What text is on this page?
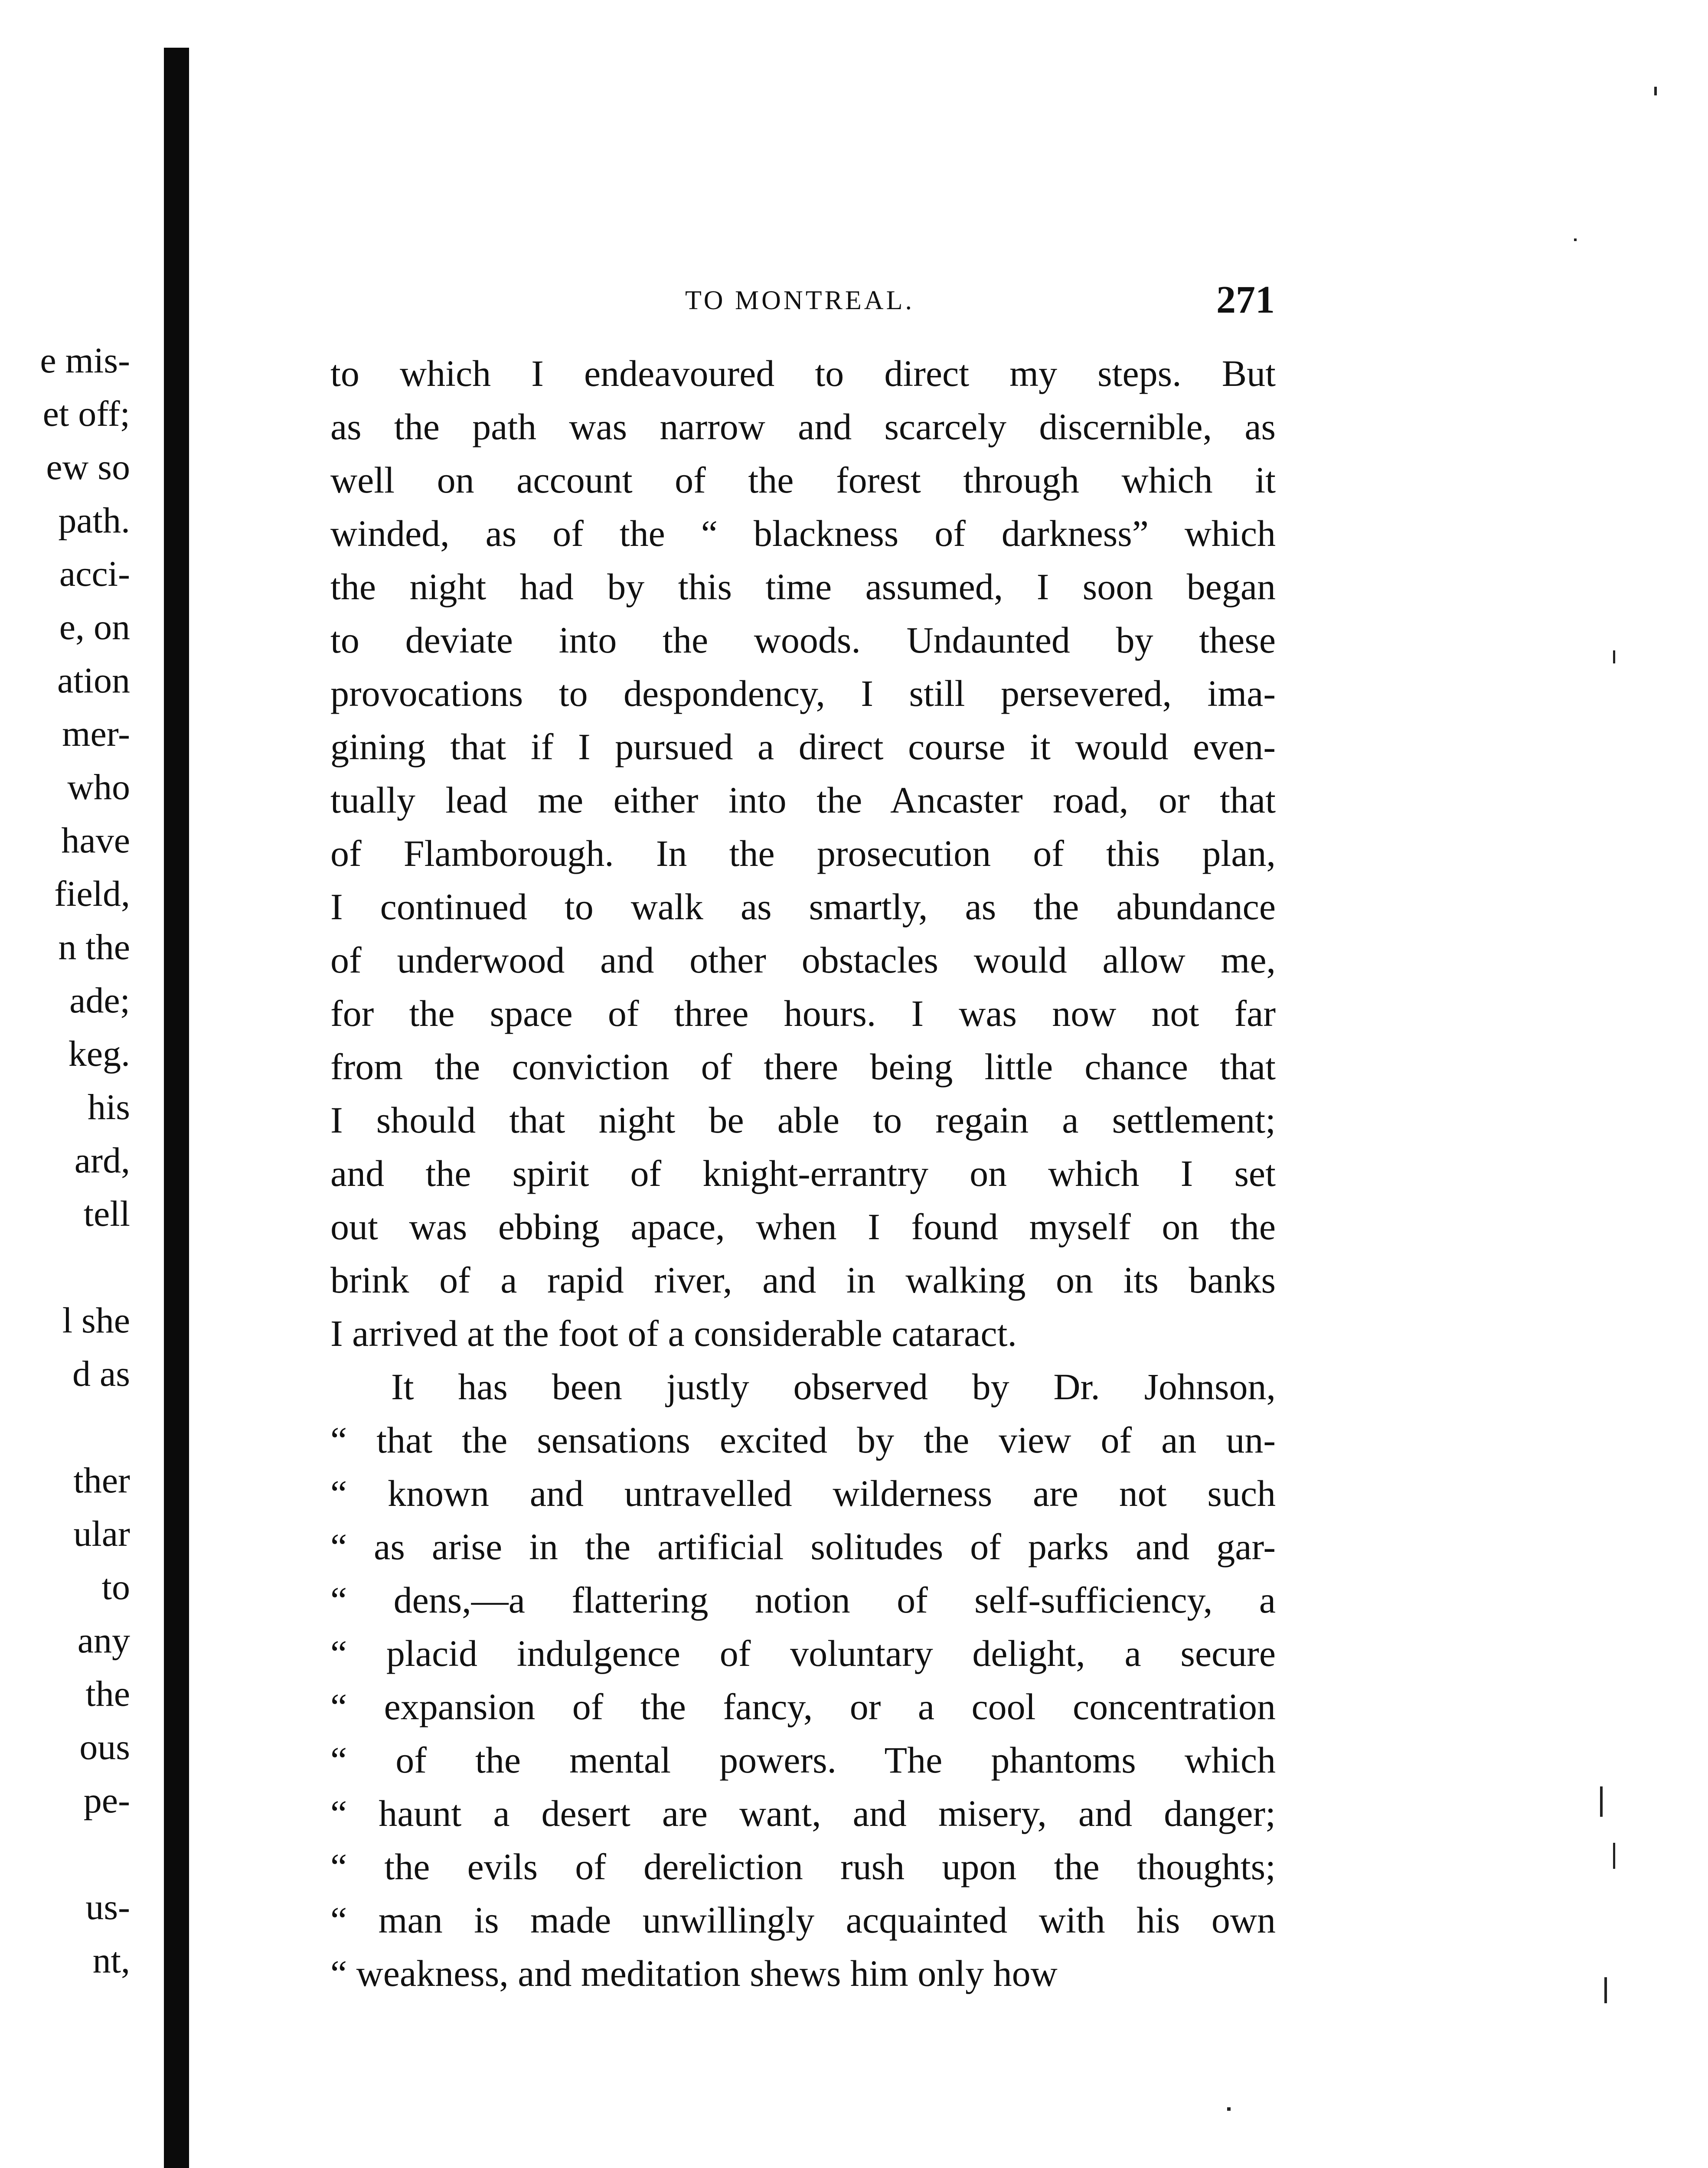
e mis-
et off;
ew so
path.
acci-
e, on
ation
mer-
who
have
field,
n the
ade;
keg.
his
ard,
tell
l she
d as
ther
ular
to
any
the
ous
pe-
us-
nt,
TO MONTREAL.	271
to which I endeavoured to direct my steps. But
as the path was narrow and scarcely discernible, as
well on account of the forest through which it
winded, as of the “ blackness of darkness” which
the night had by this time assumed, I soon began
to deviate into the woods. Undaunted by these
provocations to despondency, I still persevered, ima-
gining that if I pursued a direct course it would even-
tually lead me either into the Ancaster road, or that
of Flamborough. In the prosecution of this plan,
I continued to walk as smartly, as the abundance
of underwood and other obstacles would allow me,
for the space of three hours. I was now not far
from the conviction of there being little chance that
I should that night be able to regain a settlement;
and the spirit of knight-errantry on which I set
out was ebbing apace, when I found myself on the
brink of a rapid river, and in walking on its banks
I arrived at the foot of a considerable cataract.
It has been justly observed by Dr. Johnson,
“ that the sensations excited by the view of an un-
“ known and untravelled wilderness are not such
“ as arise in the artificial solitudes of parks and gar-
“ dens,—a flattering notion of self-sufficiency, a
“ placid indulgence of voluntary delight, a secure
“ expansion of the fancy, or a cool concentration
“ of the mental powers. The phantoms which
“ haunt a desert are want, and misery, and danger;
“ the evils of dereliction rush upon the thoughts;
“ man is made unwillingly acquainted with his own
“ weakness, and meditation shews him only how
